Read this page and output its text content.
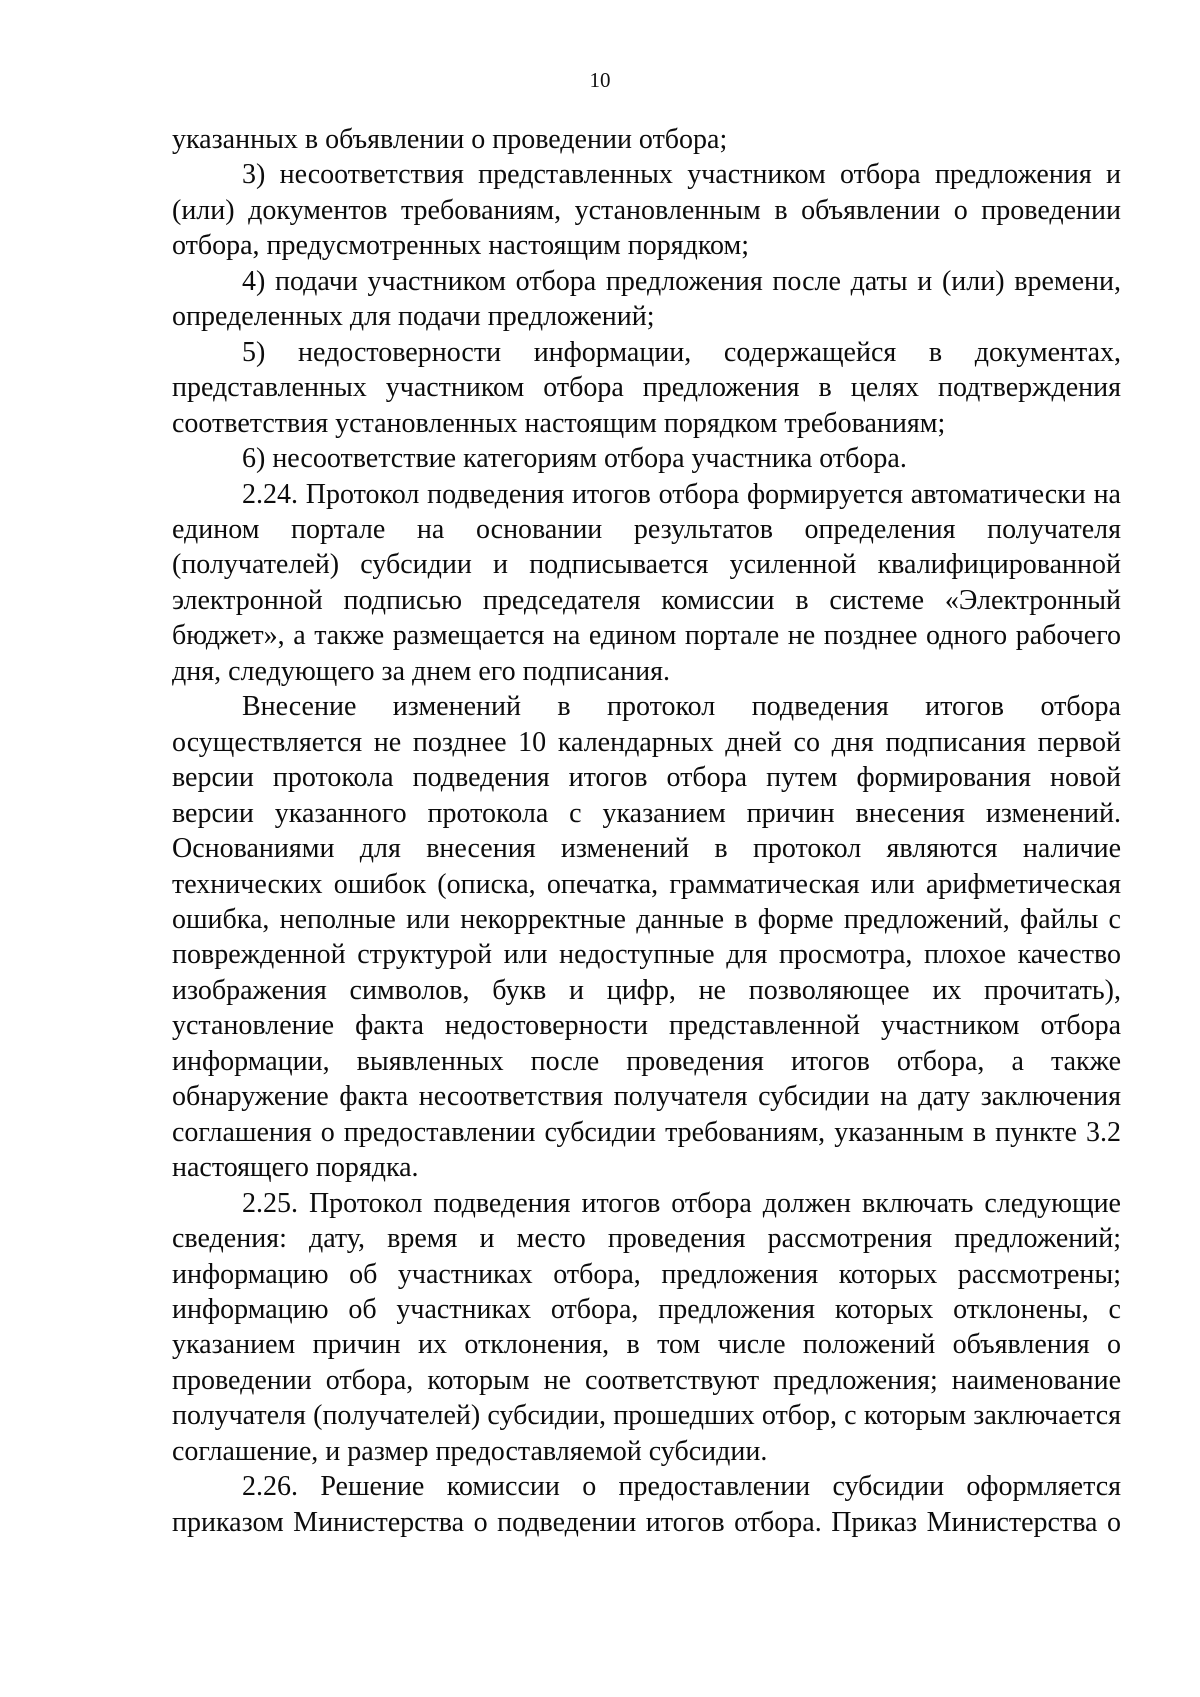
10

указанных в объявлении о проведении отбора;

3) несоответствия представленных участником отбора предложения и (или) документов требованиям, установленным в объявлении о проведении отбора, предусмотренных настоящим порядком;

4) подачи участником отбора предложения после даты и (или) времени, определенных для подачи предложений;

5) недостоверности информации, содержащейся в документах, представленных участником отбора предложения в целях подтверждения соответствия установленных настоящим порядком требованиям;

6) несоответствие категориям отбора участника отбора.

2.24. Протокол подведения итогов отбора формируется автоматически на едином портале на основании результатов определения получателя (получателей) субсидии и подписывается усиленной квалифицированной электронной подписью председателя комиссии в системе «Электронный бюджет», а также размещается на едином портале не позднее одного рабочего дня, следующего за днем его подписания.

Внесение изменений в протокол подведения итогов отбора осуществляется не позднее 10 календарных дней со дня подписания первой версии протокола подведения итогов отбора путем формирования новой версии указанного протокола с указанием причин внесения изменений. Основаниями для внесения изменений в протокол являются наличие технических ошибок (описка, опечатка, грамматическая или арифметическая ошибка, неполные или некорректные данные в форме предложений, файлы с поврежденной структурой или недоступные для просмотра, плохое качество изображения символов, букв и цифр, не позволяющее их прочитать), установление факта недостоверности представленной участником отбора информации, выявленных после проведения итогов отбора, а также обнаружение факта несоответствия получателя субсидии на дату заключения соглашения о предоставлении субсидии требованиям, указанным в пункте 3.2 настоящего порядка.

2.25. Протокол подведения итогов отбора должен включать следующие сведения: дату, время и место проведения рассмотрения предложений; информацию об участниках отбора, предложения которых рассмотрены; информацию об участниках отбора, предложения которых отклонены, с указанием причин их отклонения, в том числе положений объявления о проведении отбора, которым не соответствуют предложения; наименование получателя (получателей) субсидии, прошедших отбор, с которым заключается соглашение, и размер предоставляемой субсидии.

2.26. Решение комиссии о предоставлении субсидии оформляется приказом Министерства о подведении итогов отбора. Приказ Министерства о
